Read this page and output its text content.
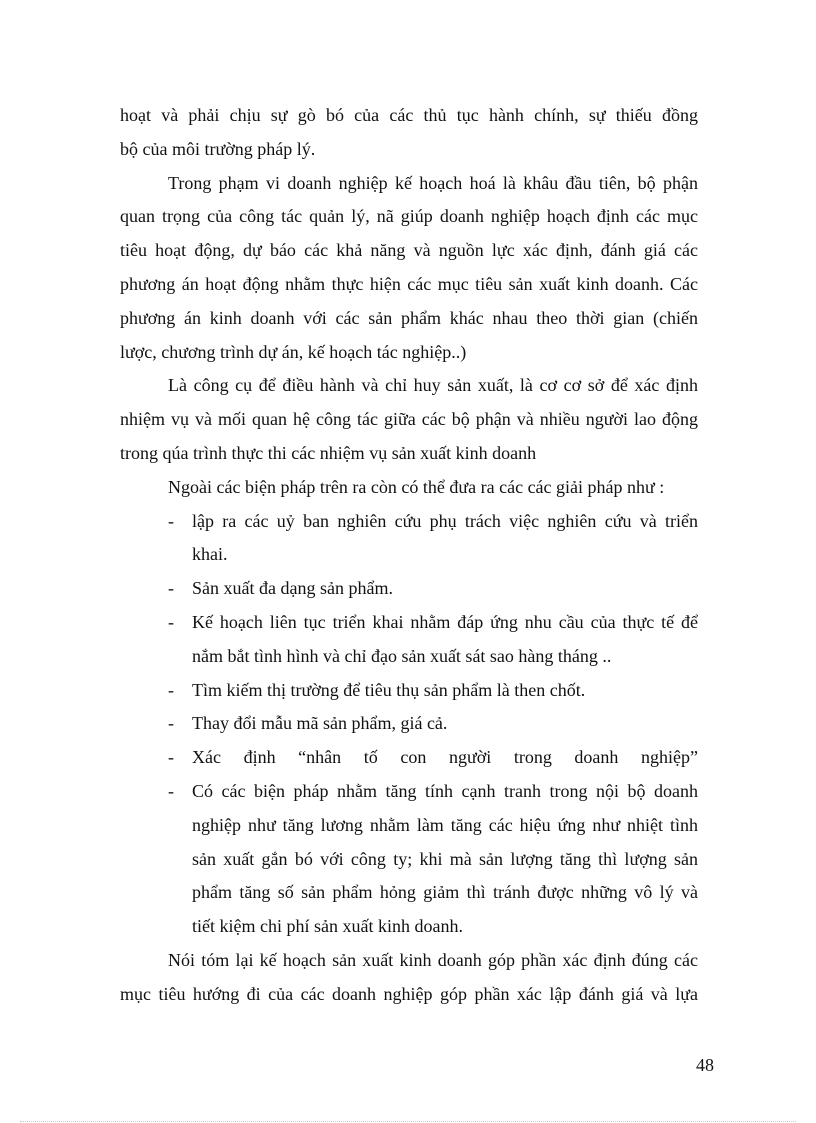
hoạt và phải chịu sự gò bó của các thủ tục hành chính, sự thiếu đồng
bộ của môi trường pháp lý.
Trong phạm vi doanh nghiệp kế hoạch hoá là khâu đầu tiên, bộ phận
quan trọng của công tác quản lý, nã giúp doanh nghiệp hoạch định các mục
tiêu hoạt động, dự báo các khả năng và nguồn lực xác định, đánh giá các
phương án hoạt động nhằm thực hiện các mục tiêu sản xuất kinh doanh. Các
phương án kinh doanh với các sản phẩm khác nhau theo thời gian (chiến
lược, chương trình dự án, kế hoạch tác nghiệp..)
Là công cụ để điều hành và chỉ huy sản xuất, là cơ cơ sở để xác định
nhiệm vụ và mối quan hệ công tác giữa các bộ phận và nhiều người lao động
trong qúa trình thực thi các nhiệm vụ sản xuất kinh doanh
Ngoài các biện pháp trên ra còn có thể đưa ra các các giải pháp như :
- lập ra các uỷ ban nghiên cứu phụ trách việc nghiên cứu và triển
khai.
- Sản xuất đa dạng sản phẩm.
- Kế hoạch liên tục triển khai nhằm đáp ứng nhu cầu của thực tế để
nắm bắt tình hình và chỉ đạo sản xuất sát sao hàng tháng ..
- Tìm kiếm thị trường để tiêu thụ sản phẩm là then chốt.
- Thay đổi mẫu mã sản phẩm, giá cả.
- Xác định “nhân tố con người trong doanh nghiệp”
- Có các biện pháp nhằm tăng tính cạnh tranh trong nội bộ doanh
nghiệp như tăng lương nhằm làm tăng các hiệu ứng như nhiệt tình
sản xuất gắn bó với công ty; khi mà sản lượng tăng thì lượng sản
phẩm tăng số sản phẩm hỏng giảm thì tránh được những vô lý và
tiết kiệm chi phí sản xuất kinh doanh.
Nói tóm lại kế hoạch sản xuất kinh doanh góp phần xác định đúng các
mục tiêu hướng đi của các doanh nghiệp góp phần xác lập đánh giá và lựa
48
